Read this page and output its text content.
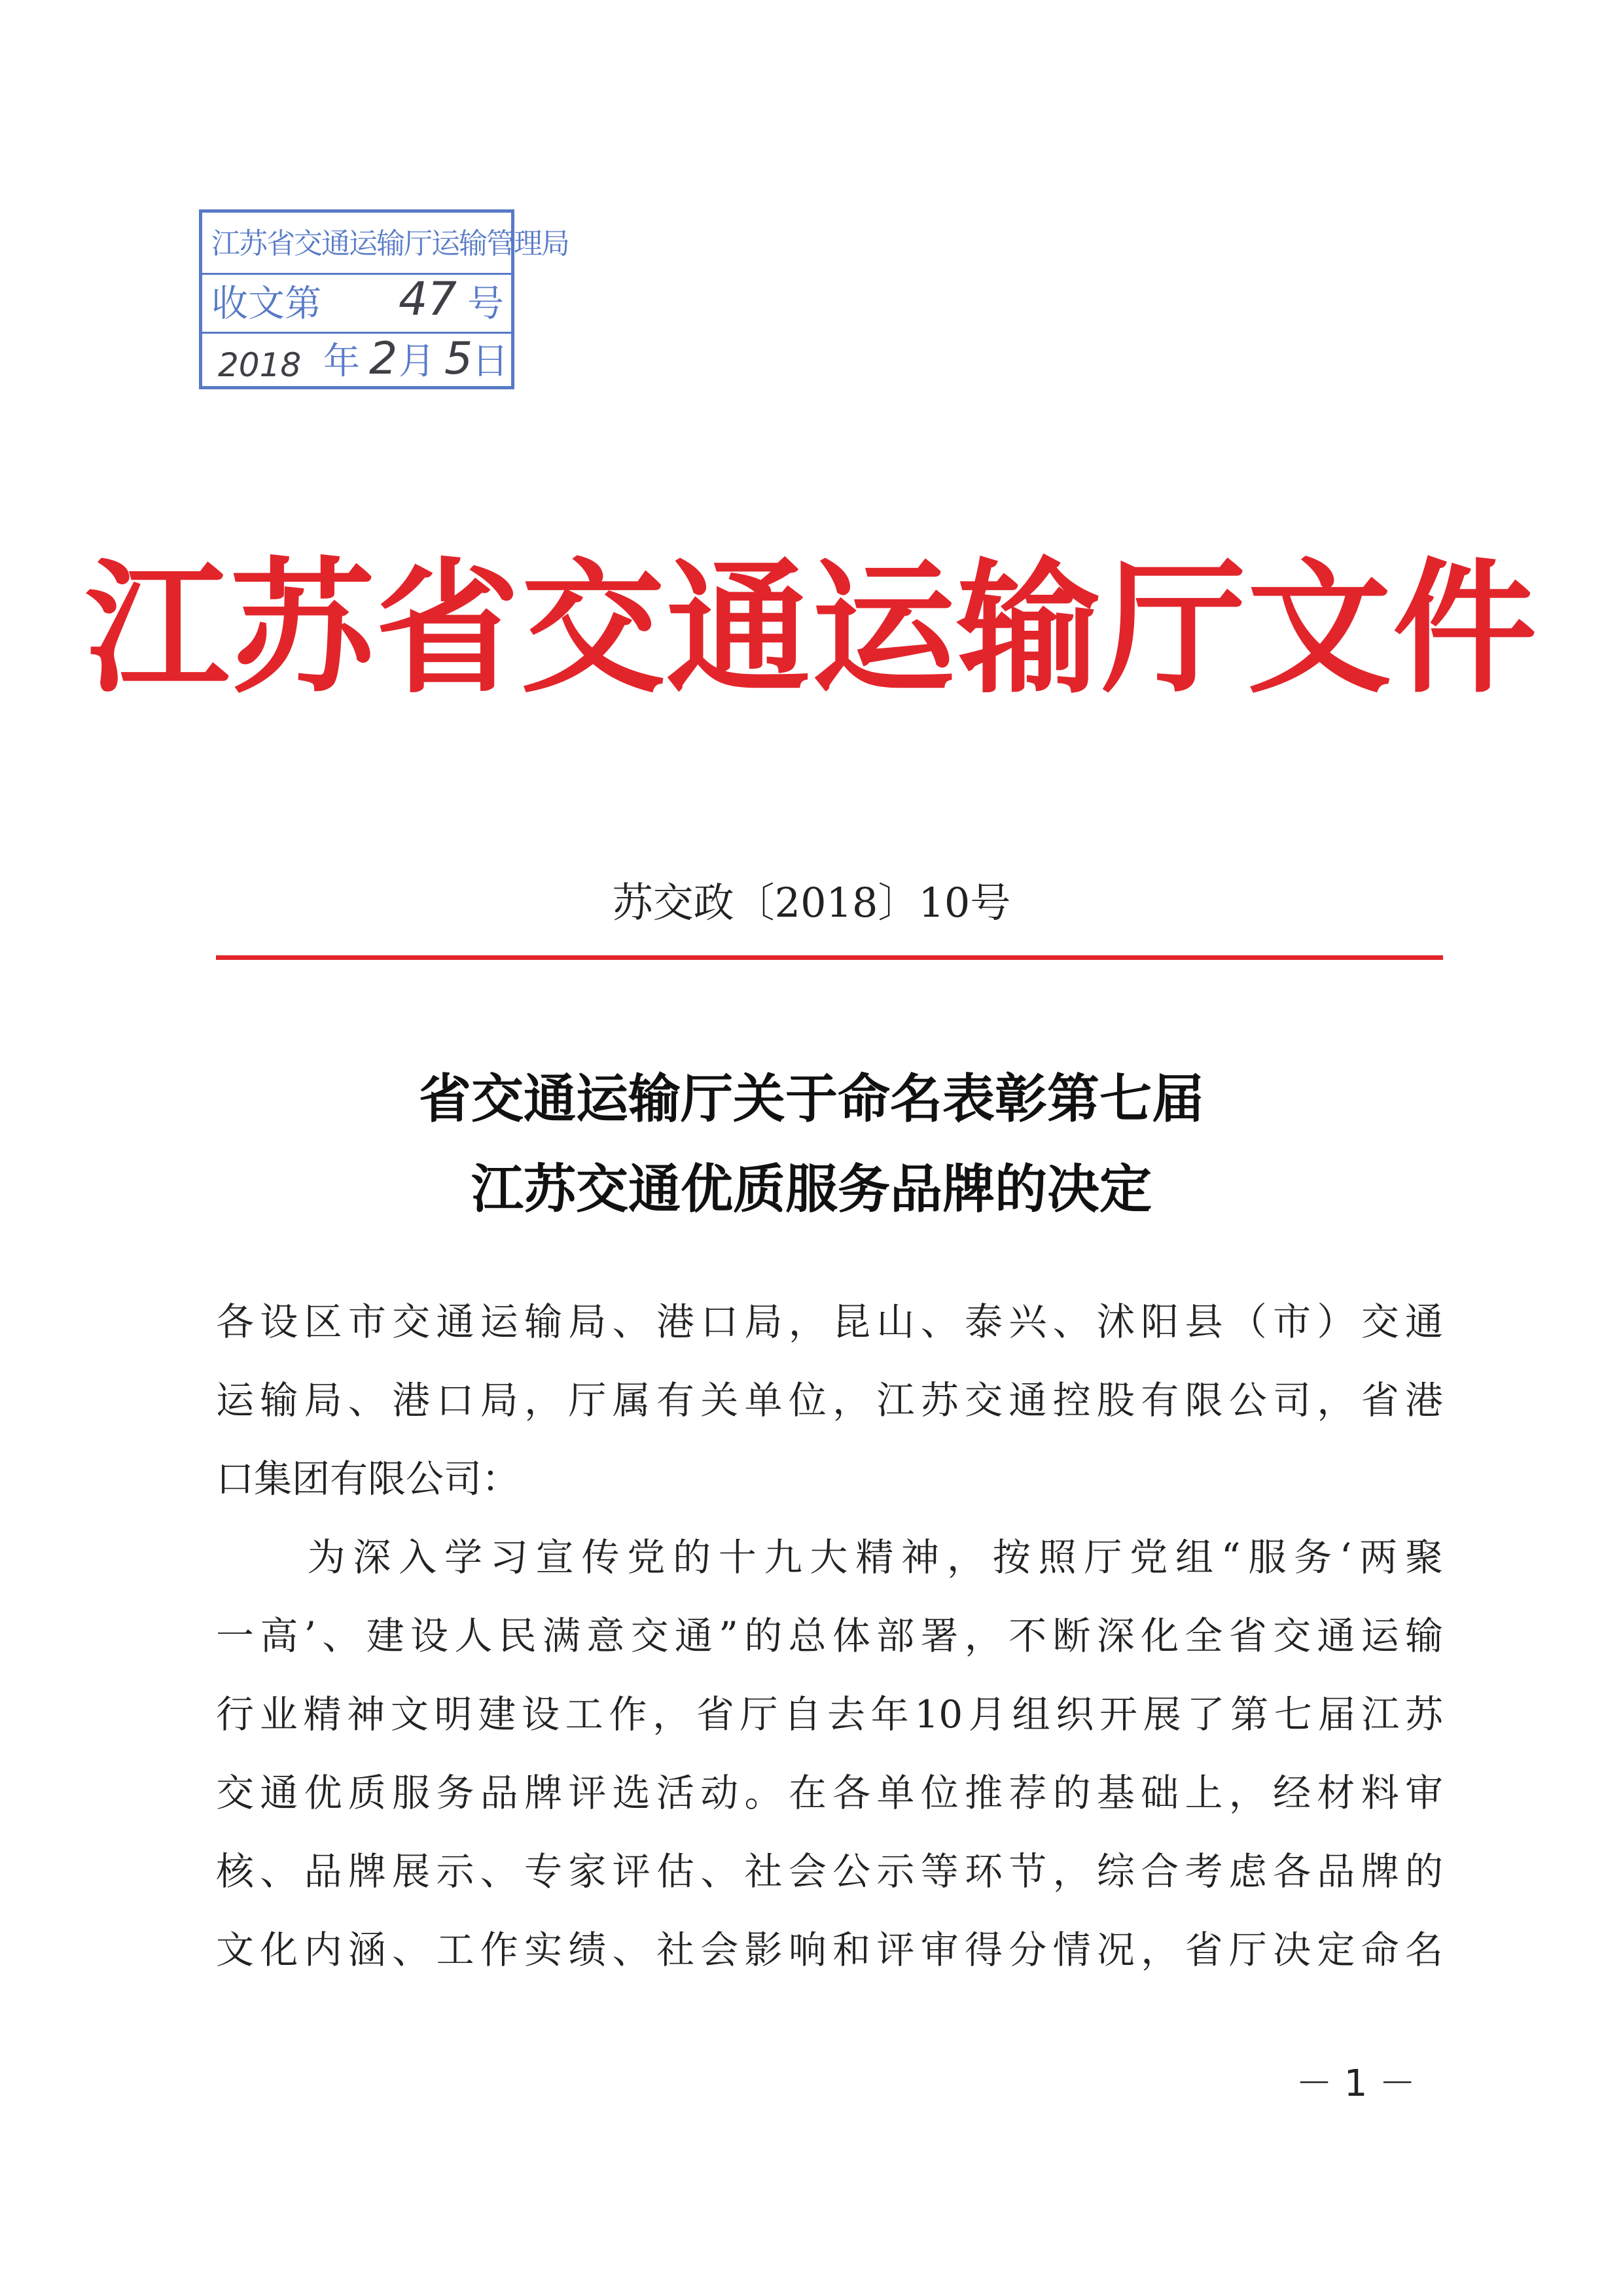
江苏省交通运输厅运输管理局
收文第 47 号
2018 年 2 月 5
日
江苏省交通运输厅文件
苏交政〔2018〕10号
省交通运输厅关于命名表彰第七届
江苏交通优质服务品牌的决定
各设区市交通运输局、港口局，昆山、泰兴、沭阳县（市）交通
运输局、港口局，厅属有关单位，江苏交通控股有限公司，省港
口集团有限公司：
　　为深入学习宣传党的十九大精神，按照厅党组“服务‘两聚
一高’、建设人民满意交通”的总体部署，不断深化全省交通运输
行业精神文明建设工作，省厅自去年10月组织开展了第七届江苏
交通优质服务品牌评选活动。在各单位推荐的基础上，经材料审
核、品牌展示、专家评估、社会公示等环节，综合考虑各品牌的
文化内涵、工作实绩、社会影响和评审得分情况，省厅决定命名
－ 1 －
